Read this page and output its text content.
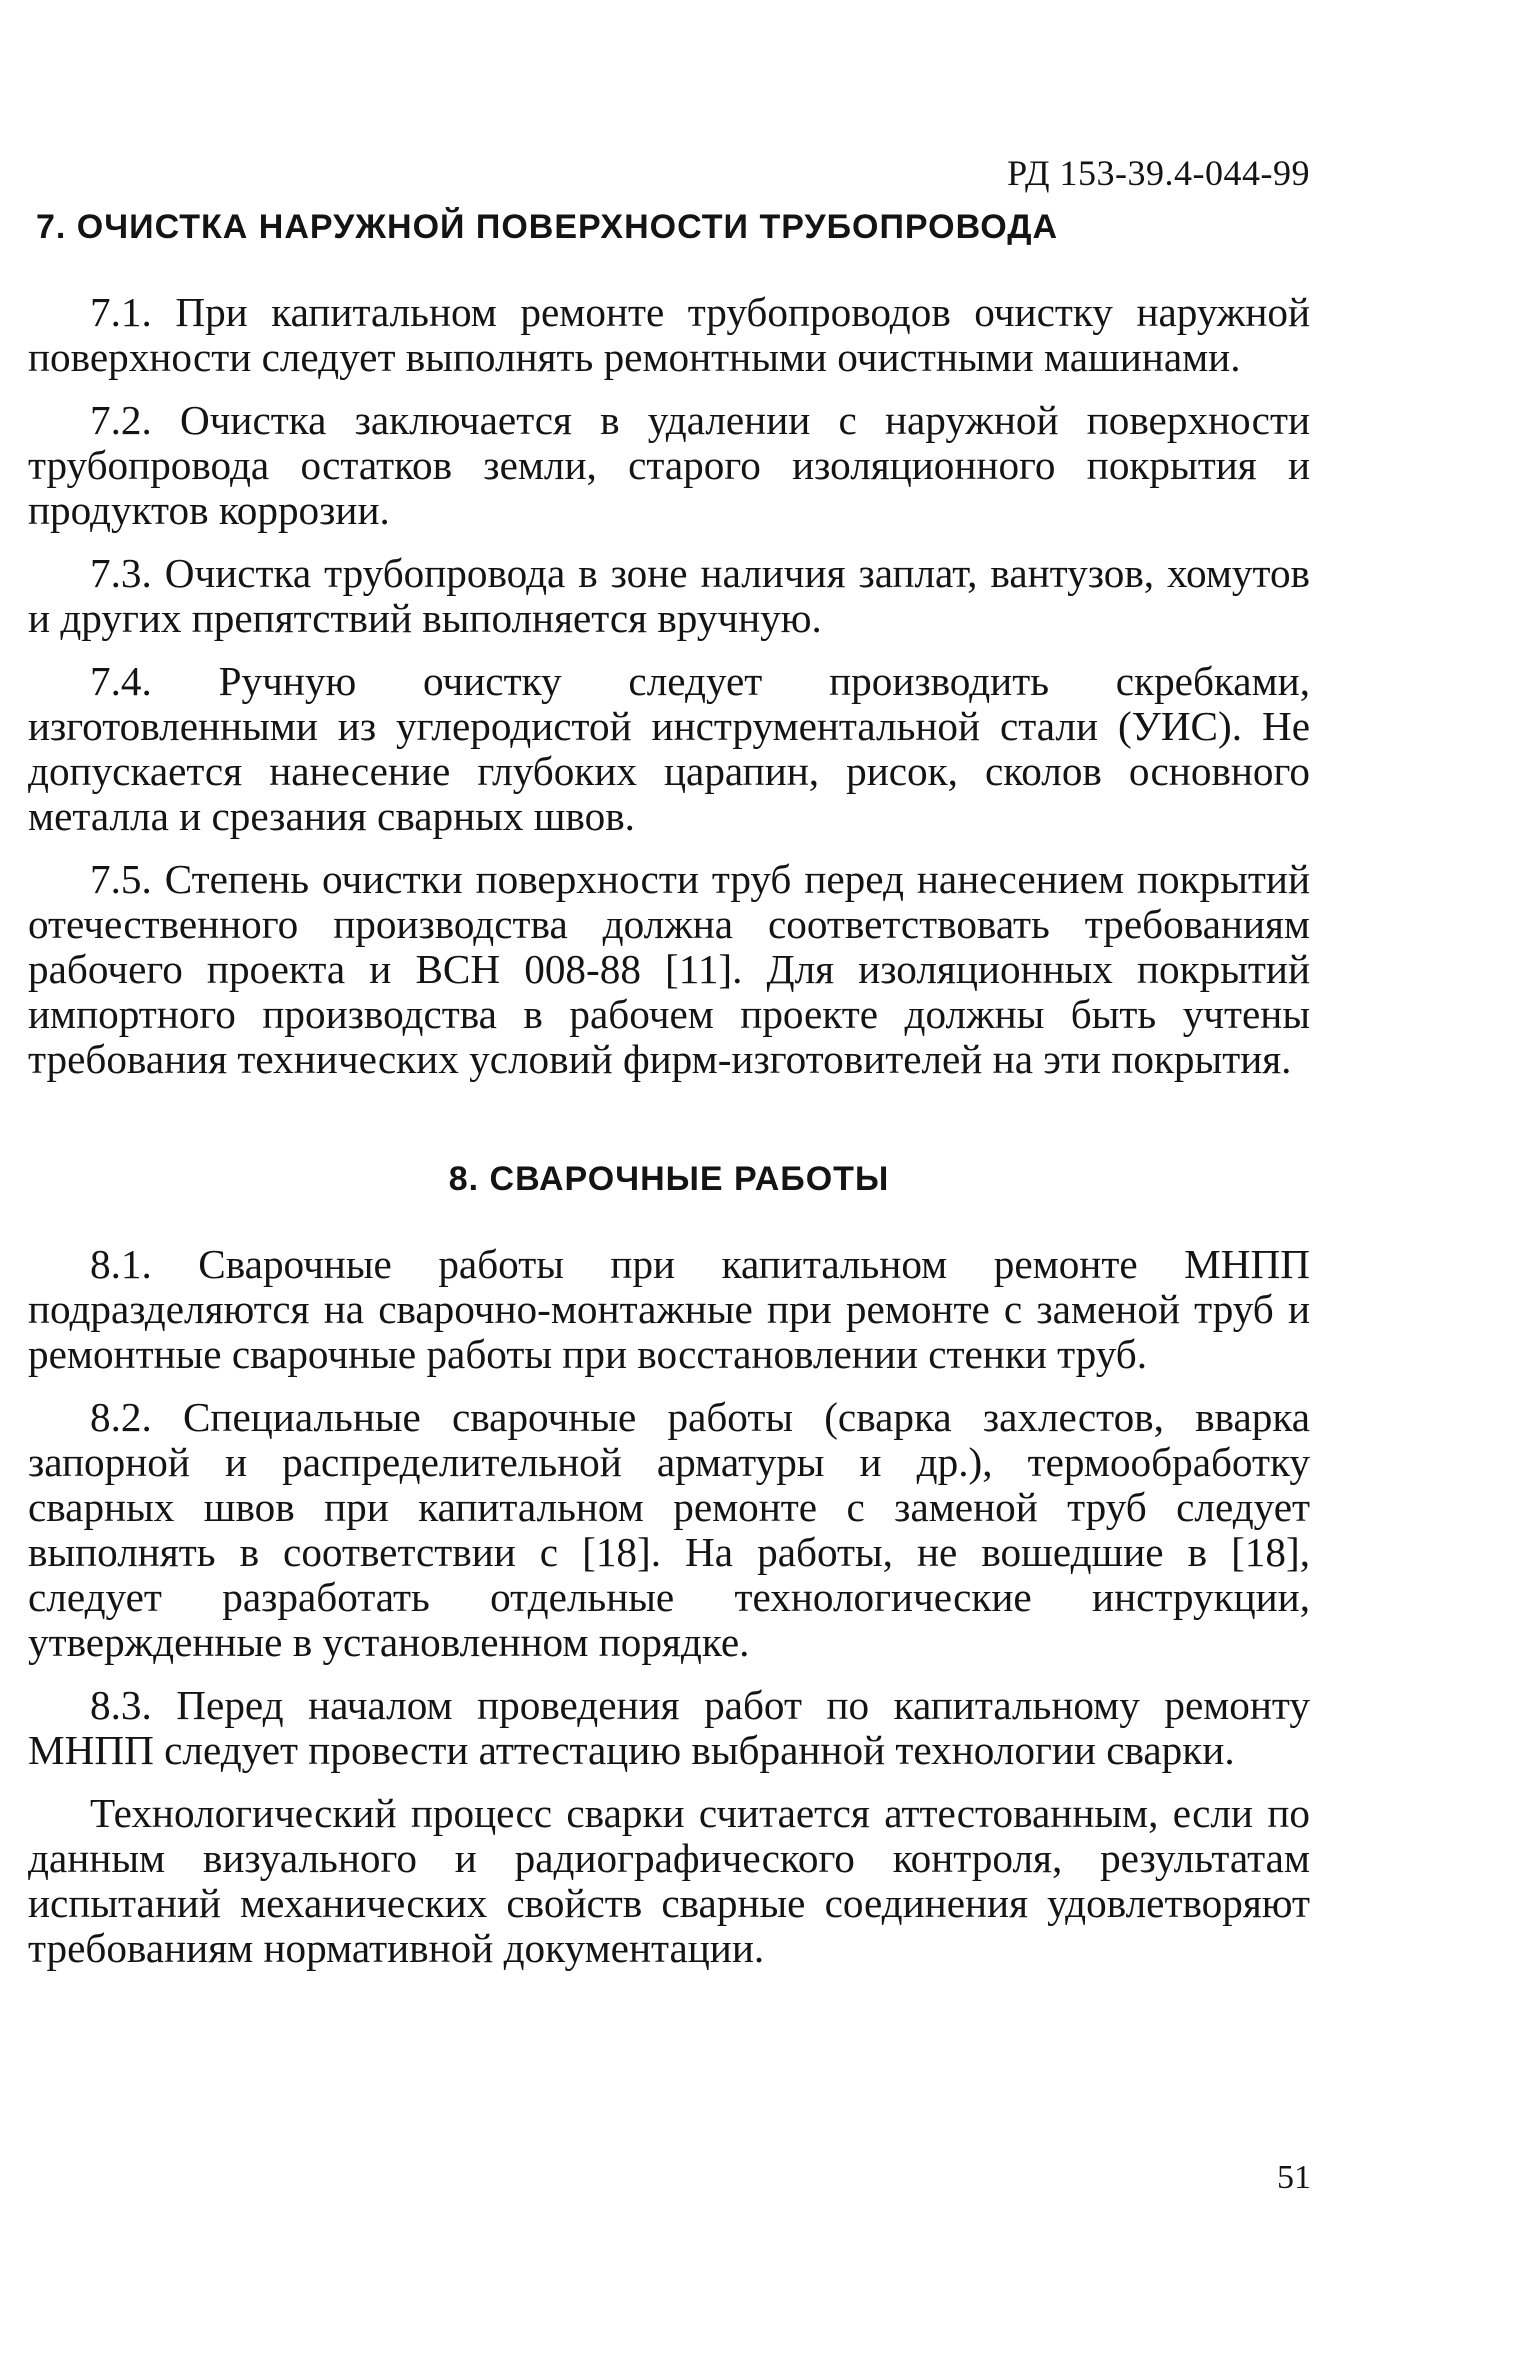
РД 153-39.4-044-99

7. ОЧИСТКА НАРУЖНОЙ ПОВЕРХНОСТИ ТРУБОПРОВОДА

7.1. При капитальном ремонте трубопроводов очистку наружной поверхности следует выполнять ремонтными очистными машинами.

7.2. Очистка заключается в удалении с наружной поверхности трубопровода остатков земли, старого изоляционного покрытия и продуктов коррозии.

7.3. Очистка трубопровода в зоне наличия заплат, вантузов, хомутов и других препятствий выполняется вручную.

7.4. Ручную очистку следует производить скребками, изготовленными из углеродистой инструментальной стали (УИС). Не допускается нанесение глубоких царапин, рисок, сколов основного металла и срезания сварных швов.

7.5. Степень очистки поверхности труб перед нанесением покрытий отечественного производства должна соответствовать требованиям рабочего проекта и ВСН 008-88 [11]. Для изоляционных покрытий импортного производства в рабочем проекте должны быть учтены требования технических условий фирм-изготовителей на эти покрытия.

8. СВАРОЧНЫЕ РАБОТЫ

8.1. Сварочные работы при капитальном ремонте МНПП подразделяются на сварочно-монтажные при ремонте с заменой труб и ремонтные сварочные работы при восстановлении стенки труб.

8.2. Специальные сварочные работы (сварка захлестов, вварка запорной и распределительной арматуры и др.), термообработку сварных швов при капитальном ремонте с заменой труб следует выполнять в соответствии с [18]. На работы, не вошедшие в [18], следует разработать отдельные технологические инструкции, утвержденные в установленном порядке.

8.3. Перед началом проведения работ по капитальному ремонту МНПП следует провести аттестацию выбранной технологии сварки.

Технологический процесс сварки считается аттестованным, если по данным визуального и радиографического контроля, результатам испытаний механических свойств сварные соединения удовлетворяют требованиям нормативной документации.

51
